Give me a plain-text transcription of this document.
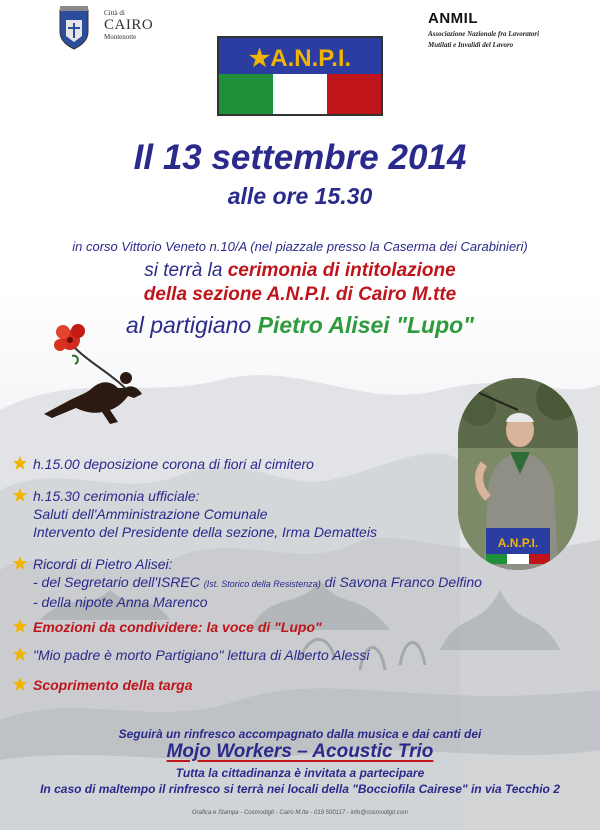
Città di
CAIRO
Montenotte
ANMIL
Associazione Nazionale fra Lavoratori
Mutilati e Invalidi del Lavoro
★A.N.P.I.
Il 13 settembre 2014
alle ore 15.30
in corso Vittorio Veneto n.10/A (nel piazzale presso la Caserma dei Carabinieri)
si terrà la cerimonia di intitolazione
della sezione A.N.P.I. di Cairo M.tte
al partigiano Pietro Alisei "Lupo"
A.N.P.I.
h.15.00 deposizione corona di fiori al cimitero
h.15.30 cerimonia ufficiale:
Saluti dell'Amministrazione Comunale
Intervento del Presidente della sezione, Irma Dematteis
Ricordi di Pietro Alisei:
- del Segretario dell'ISREC (Ist. Storico della Resistenza) di Savona Franco Delfino
- della nipote Anna Marenco
Emozioni da condividere: la voce di "Lupo"
"Mio padre è morto Partigiano" lettura di Alberto Alessi
Scoprimento della targa
Seguirà un rinfresco accompagnato dalla musica e dai canti dei
Mojo Workers – Acoustic Trio
Tutta la cittadinanza è invitata a partecipare
In caso di maltempo il rinfresco si terrà nei locali della "Bocciofila Cairese" in via Tecchio 2
Grafica e Stampa - Cosmodigit - Cairo M.tte - 019 500117 - info@cosmodigit.com
